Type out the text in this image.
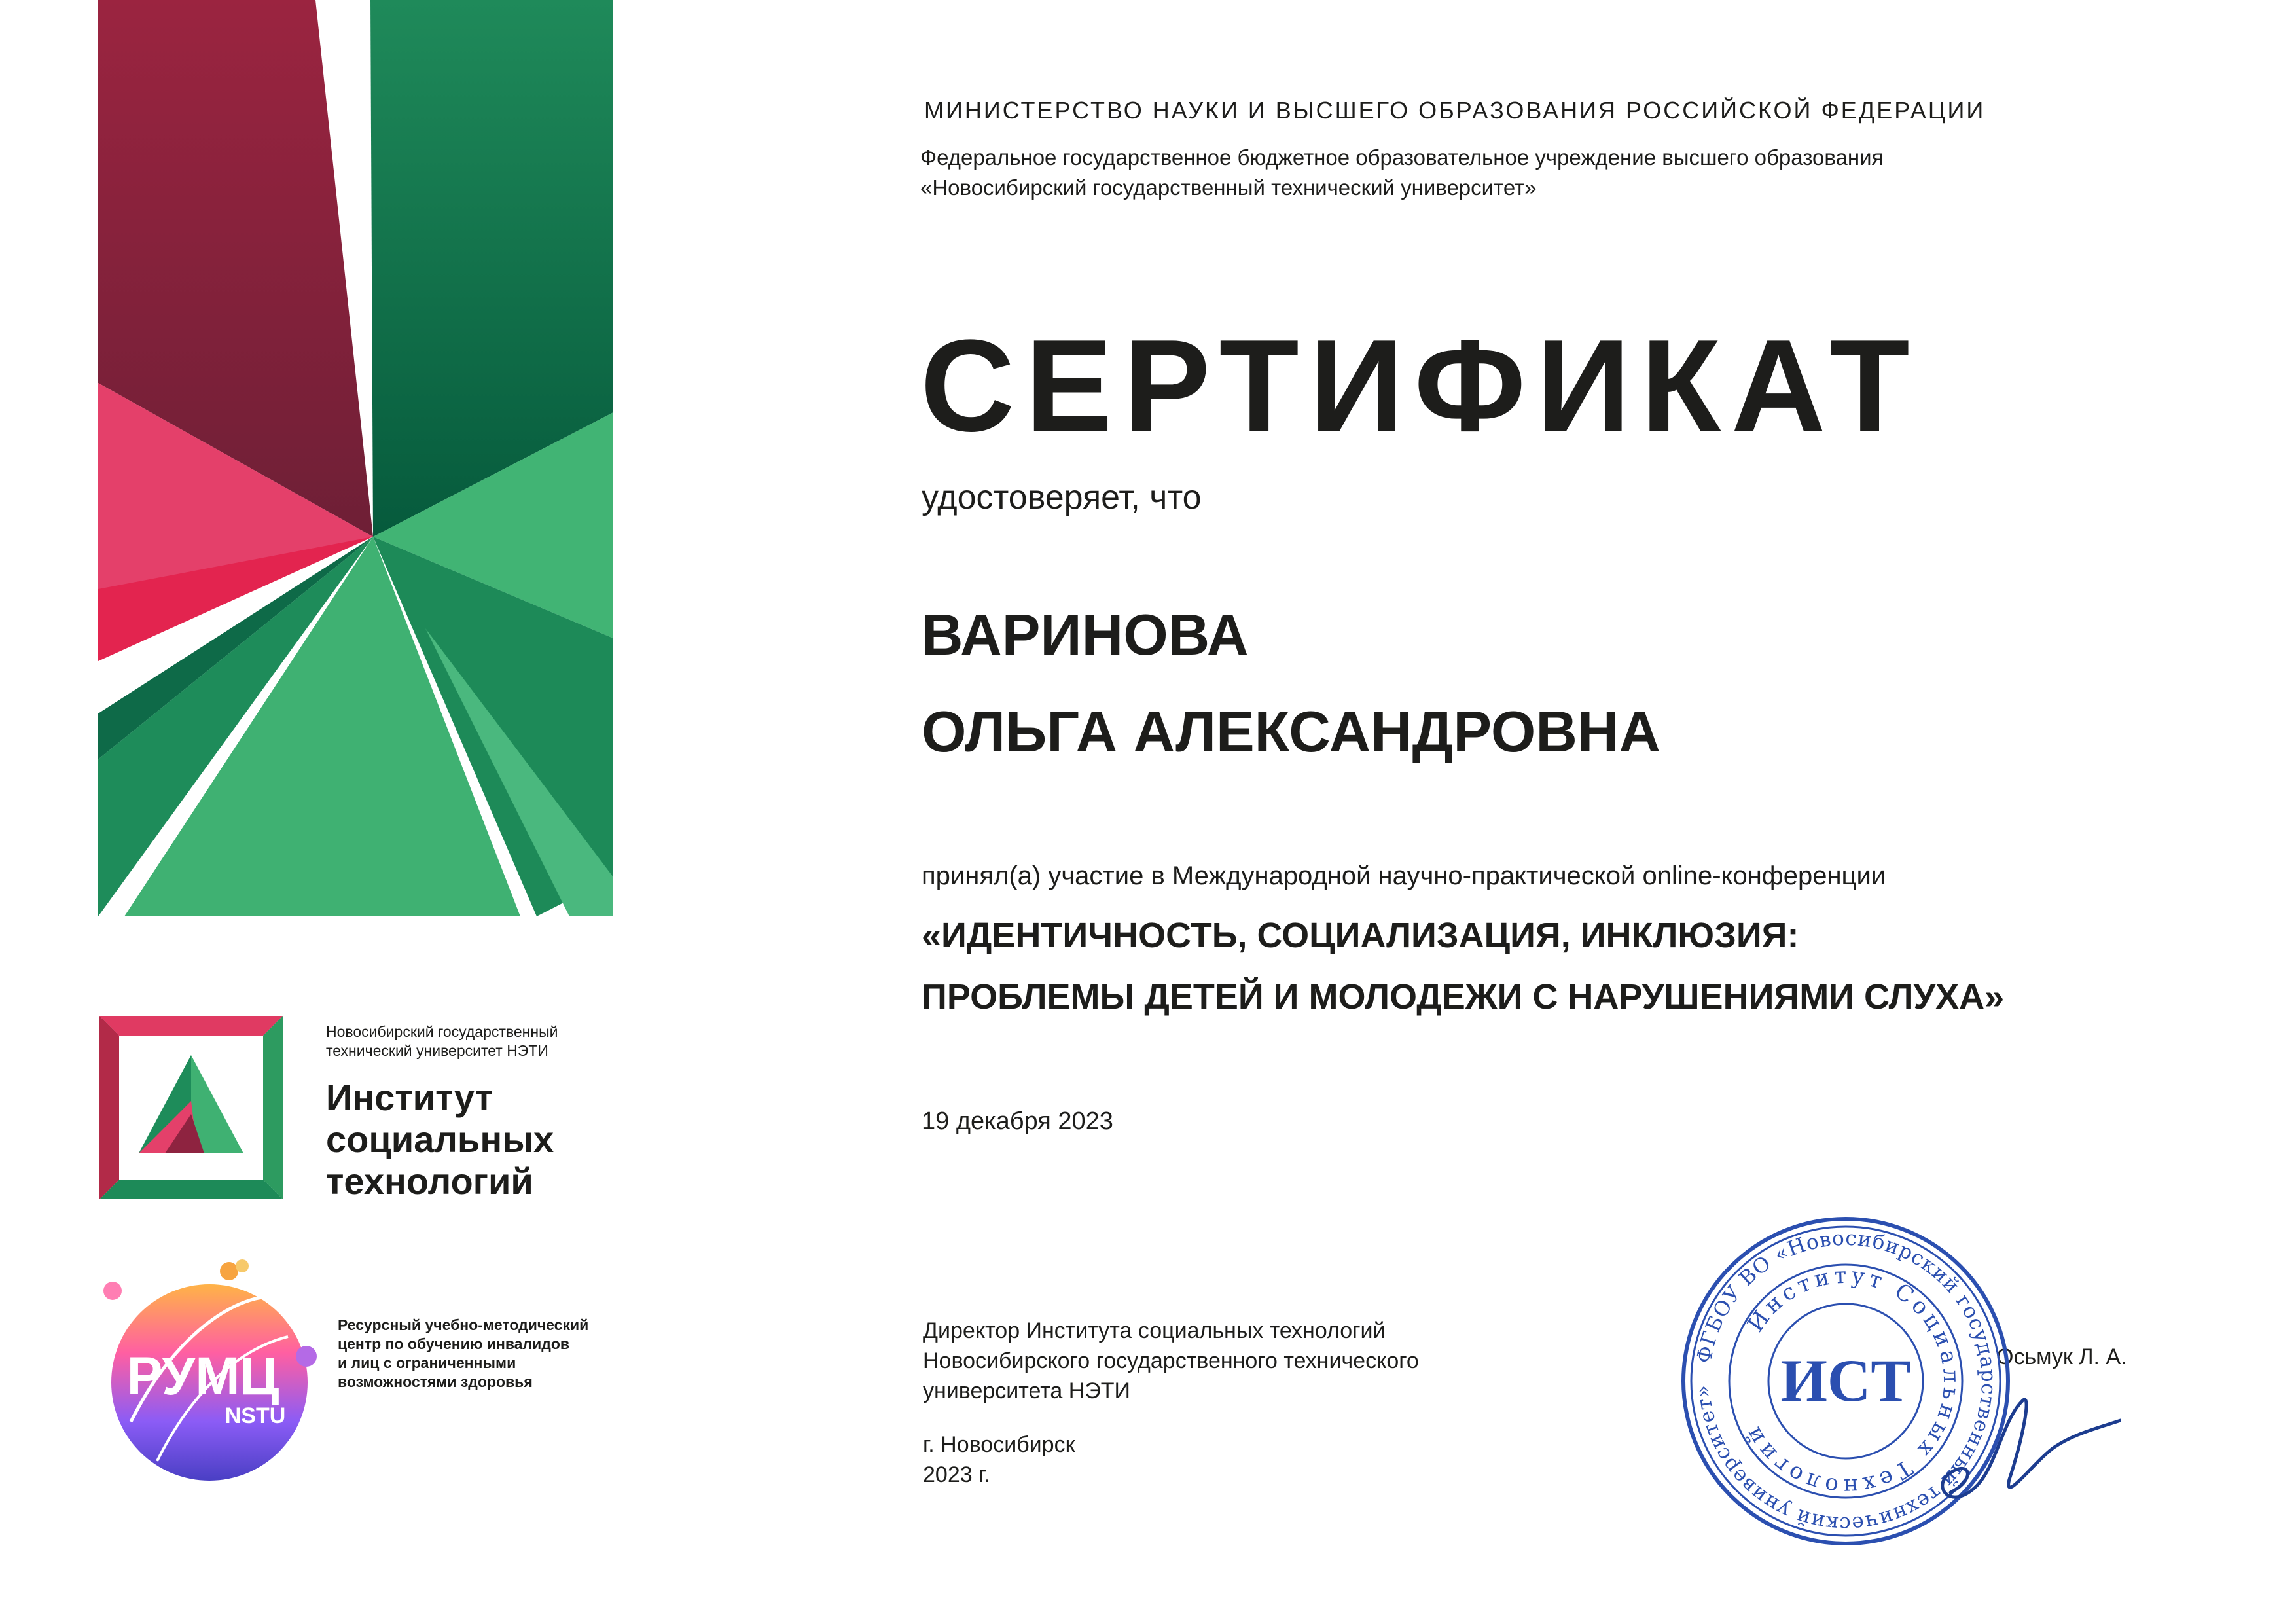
МИНИСТЕРСТВО НАУКИ И ВЫСШЕГО ОБРАЗОВАНИЯ РОССИЙСКОЙ ФЕДЕРАЦИИ
Федеральное государственное бюджетное образовательное учреждение высшего образования
«Новосибирский государственный технический университет»
СЕРТИФИКАТ
удостоверяет, что
ВАРИНОВА
ОЛЬГА АЛЕКСАНДРОВНА
принял(а) участие в Международной научно-практической online-конференции
«ИДЕНТИЧНОСТЬ, СОЦИАЛИЗАЦИЯ, ИНКЛЮЗИЯ:
ПРОБЛЕМЫ ДЕТЕЙ И МОЛОДЕЖИ С НАРУШЕНИЯМИ СЛУХА»
19 декабря 2023
Директор Института социальных технологий
Новосибирского государственного технического
университета НЭТИ
г. Новосибирск
2023 г.
Осьмук Л. А.
ФГБОУ ВО «Новосибирский государственный технический университет»
Институт Социальных Технологий
ИСТ
Новосибирский государственный
технический университет НЭТИ
Институт
социальных
технологий
РУМЦ
NSTU
Ресурсный учебно-методический
центр по обучению инвалидов
и лиц с ограниченными
возможностями здоровья
